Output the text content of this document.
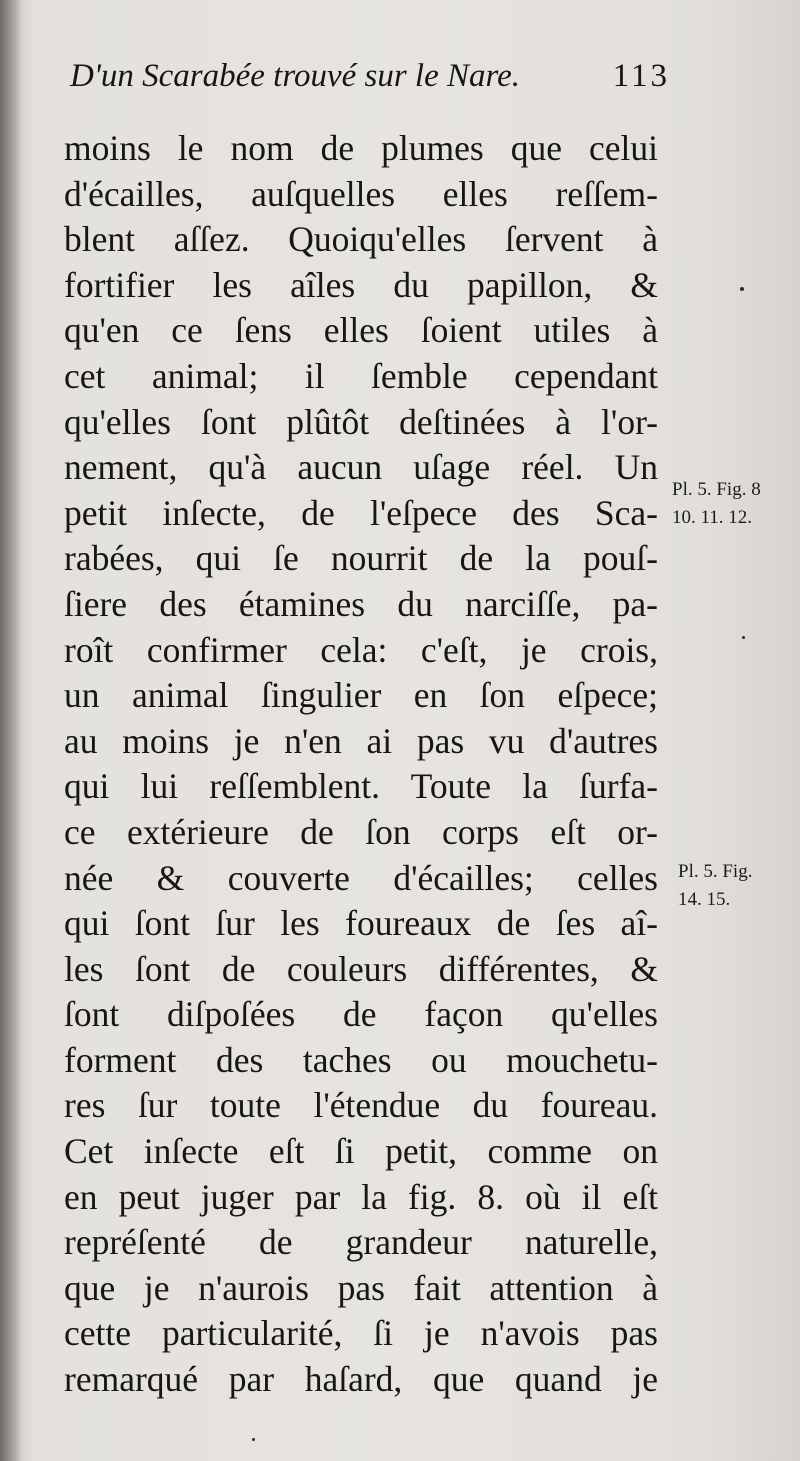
D'un Scarabée trouvé sur le Nare.	113
moins le nom de plumes que celui
d'écailles, auſquelles elles reſſem-
blent aſſez. Quoiqu'elles ſervent à
fortifier les aîles du papillon, &
qu'en ce ſens elles ſoient utiles à
cet animal; il ſemble cependant
qu'elles ſont plûtôt deſtinées à l'or-
nement, qu'à aucun uſage réel. Un
petit inſecte, de l'eſpece des Sca-
rabées, qui ſe nourrit de la pouſ-
ſiere des étamines du narciſſe, pa-
roît confirmer cela: c'eſt, je crois,
un animal ſingulier en ſon eſpece;
au moins je n'en ai pas vu d'autres
qui lui reſſemblent. Toute la ſurfa-
ce extérieure de ſon corps eſt or-
née & couverte d'écailles; celles
qui ſont ſur les foureaux de ſes aî-
les ſont de couleurs différentes, &
ſont diſpoſées de façon qu'elles
forment des taches ou mouchetu-
res ſur toute l'étendue du foureau.
Cet inſecte eſt ſi petit, comme on
en peut juger par la fig. 8. où il eſt
repréſenté de grandeur naturelle,
que je n'aurois pas fait attention à
cette particularité, ſi je n'avois pas
remarqué par haſard, que quand je
Pl. 5. Fig. 8
10. 11. 12.
Pl. 5. Fig.
14. 15.
